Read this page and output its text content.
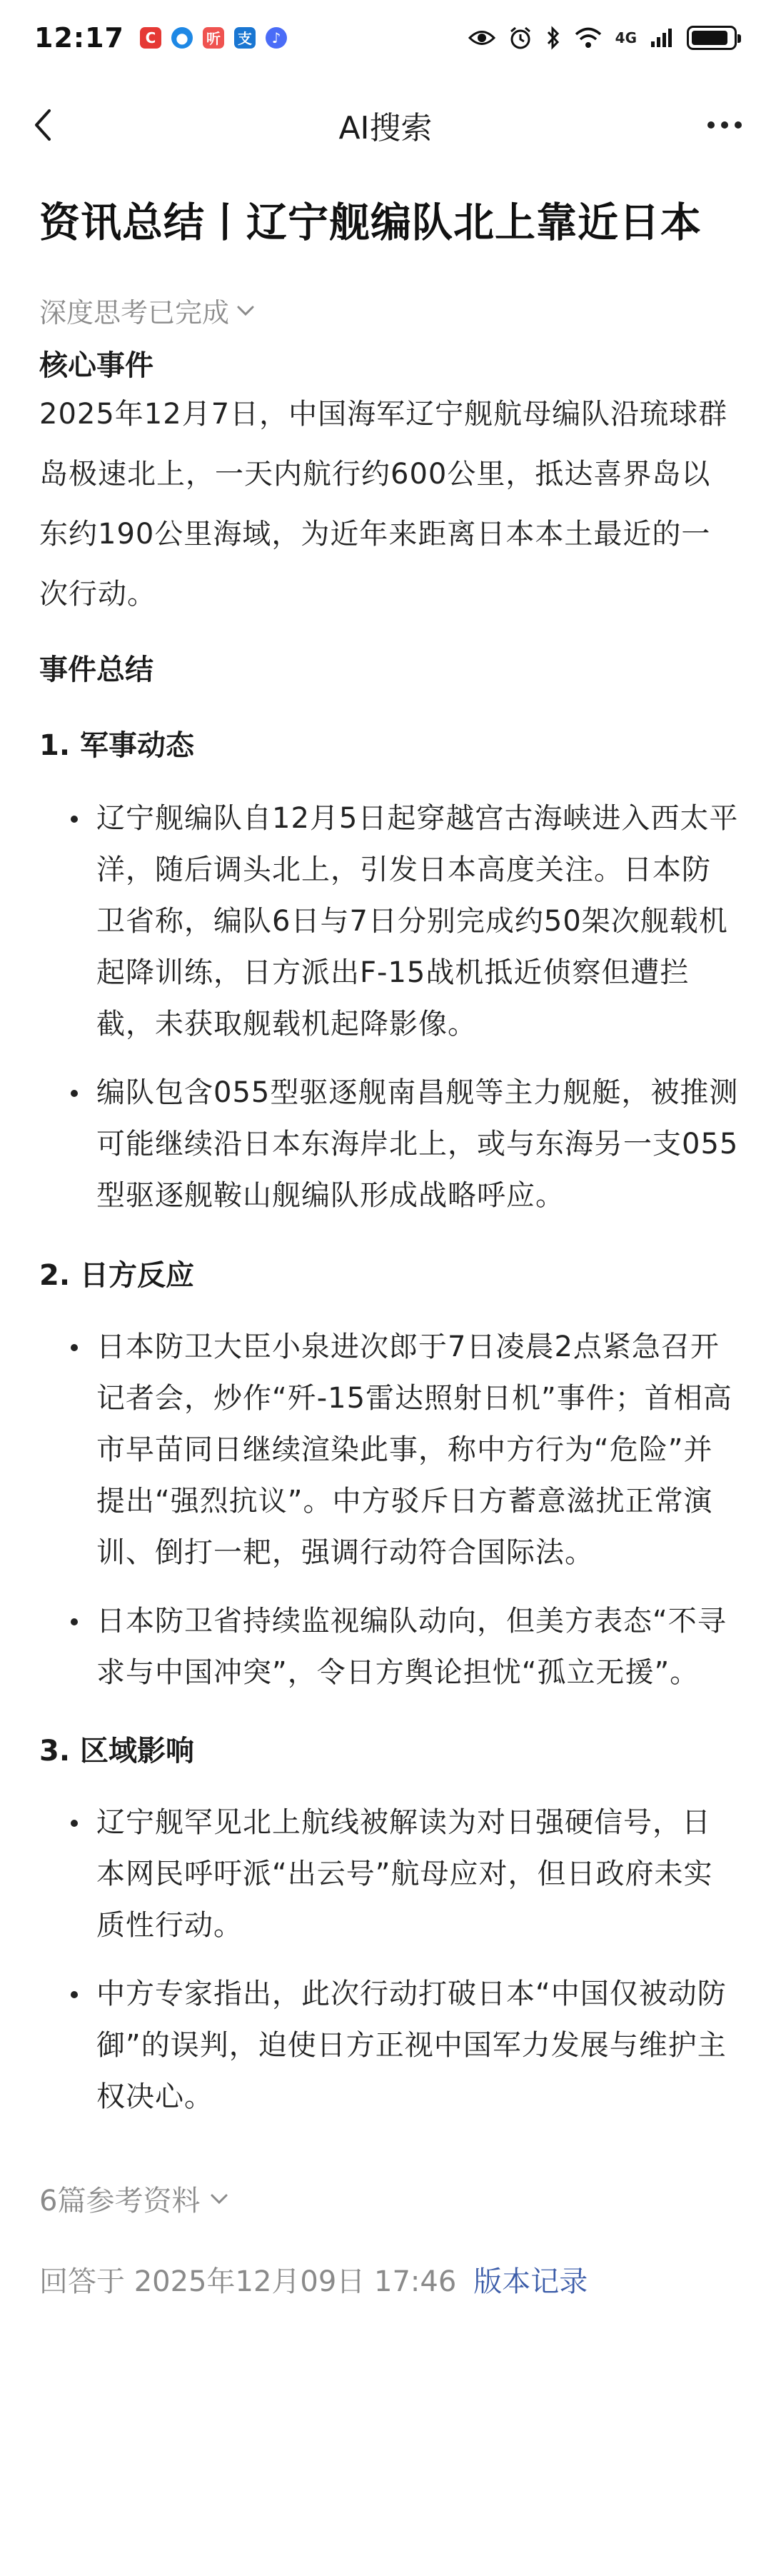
12:17	C	●	听 支	♪	4G
AI搜索
资讯总结丨辽宁舰编队北上靠近日本
深度思考已完成
核心事件

2025年12月7日，中国海军辽宁舰航母编队沿琉球群岛极速北上，一天内航行约600公里，抵达喜界岛以东约190公里海域，为近年来距离日本本土最近的一次行动。

事件总结
1. 军事动态
辽宁舰编队自12月5日起穿越宫古海峡进入西太平洋，随后调头北上，引发日本高度关注。日本防卫省称，编队6日与7日分别完成约50架次舰载机起降训练，日方派出F-15战机抵近侦察但遭拦截，未获取舰载机起降影像。
编队包含055型驱逐舰南昌舰等主力舰艇，被推测可能继续沿日本东海岸北上，或与东海另一支055型驱逐舰鞍山舰编队形成战略呼应。
2. 日方反应
日本防卫大臣小泉进次郎于7日凌晨2点紧急召开记者会，炒作“歼-15雷达照射日机”事件；首相高市早苗同日继续渲染此事，称中方行为“危险”并提出“强烈抗议”。中方驳斥日方蓄意滋扰正常演训、倒打一耙，强调行动符合国际法。
日本防卫省持续监视编队动向，但美方表态“不寻求与中国冲突”，令日方舆论担忧“孤立无援”。
3. 区域影响
辽宁舰罕见北上航线被解读为对日强硬信号，日本网民呼吁派“出云号”航母应对，但日政府未实质性行动。
中方专家指出，此次行动打破日本“中国仅被动防御”的误判，迫使日方正视中国军力发展与维护主权决心。
6篇参考资料
回答于 2025年12月09日 17:46 版本记录
